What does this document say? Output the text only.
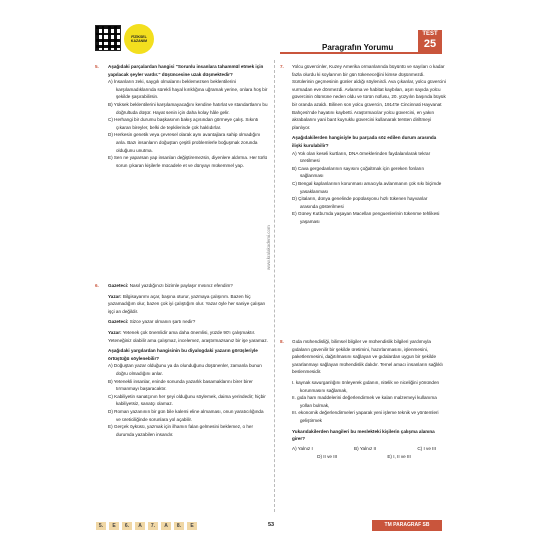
FİZİKSEL KAZANIM
Paragrafın Yorumu
TEST
25

5. Aşağıdaki parçalardan hangisi "Sorunlu insanlara tahammül etmek için yapılacak şeyler vardır." düşüncesine uzak düşmektedir?

A) İnsanların zeki, saygılı olmalarını beklemezsen beklentilerini karşılamadıklarında sürekli hayal kırıklığına uğramak yerine, onlara hoş bir şekilde şaşırabilirsin.

B) Yüksek beklentilerini karşılamayacağını kendine hatırlat ve standartlarını bu doğrultuda düşür. Hayat senin için daha kolay hâle gelir.

C) Herhangi bir durumu başkasının bakış açısından görmeye çalış. Sıkıntı çıkaran bireyler, belki de tepkilerinde çok haklıdırlar.

D) Herkesin genetik veya çevresel olarak aynı avantajlara sahip olmadığını anla. Bazı insanların doğuştan çeşitli problemlerle boğuşmak zorunda olduğunu unutma.

E) Sen ne yaparsan yap insanları değiştiremezsin, diyenlere aldırma. Her türlü sorun çıkaran kişilerle mücadele et ve dünyayı mükemmel yap.

6. Gazeteci: Nasıl yazdığınızı bizimle paylaşır mısınız efendim?

Yazar: Bilgisayarımı açar, başına oturur, yazmaya çalışırım. Bazen hiç yazamadığım olur, bazen çok iyi çalıştığım olur. Yazar öyle her saniye çalışan işçi an değildir.

Gazeteci: Sizce yazar olmanın şartı nedir?

Yazar: Yetenek çok önemlidir ama daha önemlisi, yüzde 90'ı çalışmaktır. Yeteneğiniz olabilir ama çalışmaz, incelemez, araştırmazsanız bir işe yaramaz.

Aşağıdaki yargılardan hangisinin bu diyalogdaki yazarın görüşleriyle örtüştüğü söylenebilir?

A) Doğuştan yazar olduğunu ya da olunduğunu düşünenler, zamanla bunun doğru olmadığını anlar.

B) Yetenekli insanlar, eninde sonunda yazarlık basamaklarını birer birer tırmanmayı başaracaktır.

C) Kabiliyetin sanatçının her şeyi olduğunu söylemek, daima yerindedir; hiçbir kabiliyetsiz, sanatçı olamaz.

D) Roman yazanının bir gün bile kalemi eline almaması, onun yaratıcılığında ve üreticiliğinde sorunlara yol açabilir.

E) Gerçek öyküsü, yazmak için ilhamın falan gelmesini beklemez, o her durumda yazabilen insandır.

www.kralakademi.com

7. Yolcu güvercinler, Kuzey Amerika ormanlarında büyüntü ve sayıları o kadar fazla olurdu ki soylarının bir gün tükeneceğini kimse düşünmezdi. Sürülerinin geçmesinin günler aldığı söylenirdi. Ava çıkanlar, yolcu güvercini vurmadan eve dönmezdi. Avlanma ve habitat kaybıları, aşırı sayıda yolcu güvercinin ölümüne neden oldu ve türün nüfusu, 20. yüzyılın başında büyük bir oranda azaldı. Bilinen son yolcu güvercin, 1914'te Cincinnati Hayvanat Bahçesi'nde hayatını kaybetti. Araştırmacılar yolcu güvercini, en yakın akrabalarını yani bant kuyruklu güvercini kullanarak tersten diriltmeyi planlıyor.

Aşağıdakilerden hangisiyle bu parçada söz edilen durum arasında ilişki kurulabilir?

A) Yok olan keseli kurtların, DNA örneklerinden faydalanılarak tekrar üretilmesi

B) Cava gergedanlarının sayısını çoğaltmak için gereken fonların sağlanması

C) Bengal kaplanlarının korunması amacıyla avlanmanın çok sıkı biçimde yasaklanması

D) Çitaların, dünya genelinde popülasyonu hızlı tükenen hayvanlar arasında gösterilmesi

E) Güney Kutbu'nda yaşayan Macellan penguenlerinin tükenme tehlikesi yaşaması

8. Gıda mühendisliği, bilimsel bilgiler ve mühendislik bilgileri yardımıyla gıdaların güvenilir bir şekilde üretimini, hazırlanmasını, işlenmesini, paketlenmesini, dağıtılmasını sağlayan ve gıdalardan uygun bir şekilde yararlanmayı sağlayan mühendislik dalıdır. Temel amacı insanların sağlıklı beslenmesidir.

I. kaynak savurganlığını önleyerek gıdanın, nitelik ve niceliğini yönünden korunmasını sağlamak,

II. gıda ham maddelerini değerlendirmek ve kalan malzemeyi kullanıma yollan bulmak,

III. ekonomik değerlendirmeleri yaparak yeni işleme teknik ve yöntemleri geliştirmek

Yukarıdakilerden hangileri bu meslekteki kişilerin çalışma alanına girer?

A) Yalnız I	B) Yalnız II	C) I ve III

D) II ve III	E) I, II ve III

5. E 6. A 7. A 8. E	53	TM PARAGRAF SB
